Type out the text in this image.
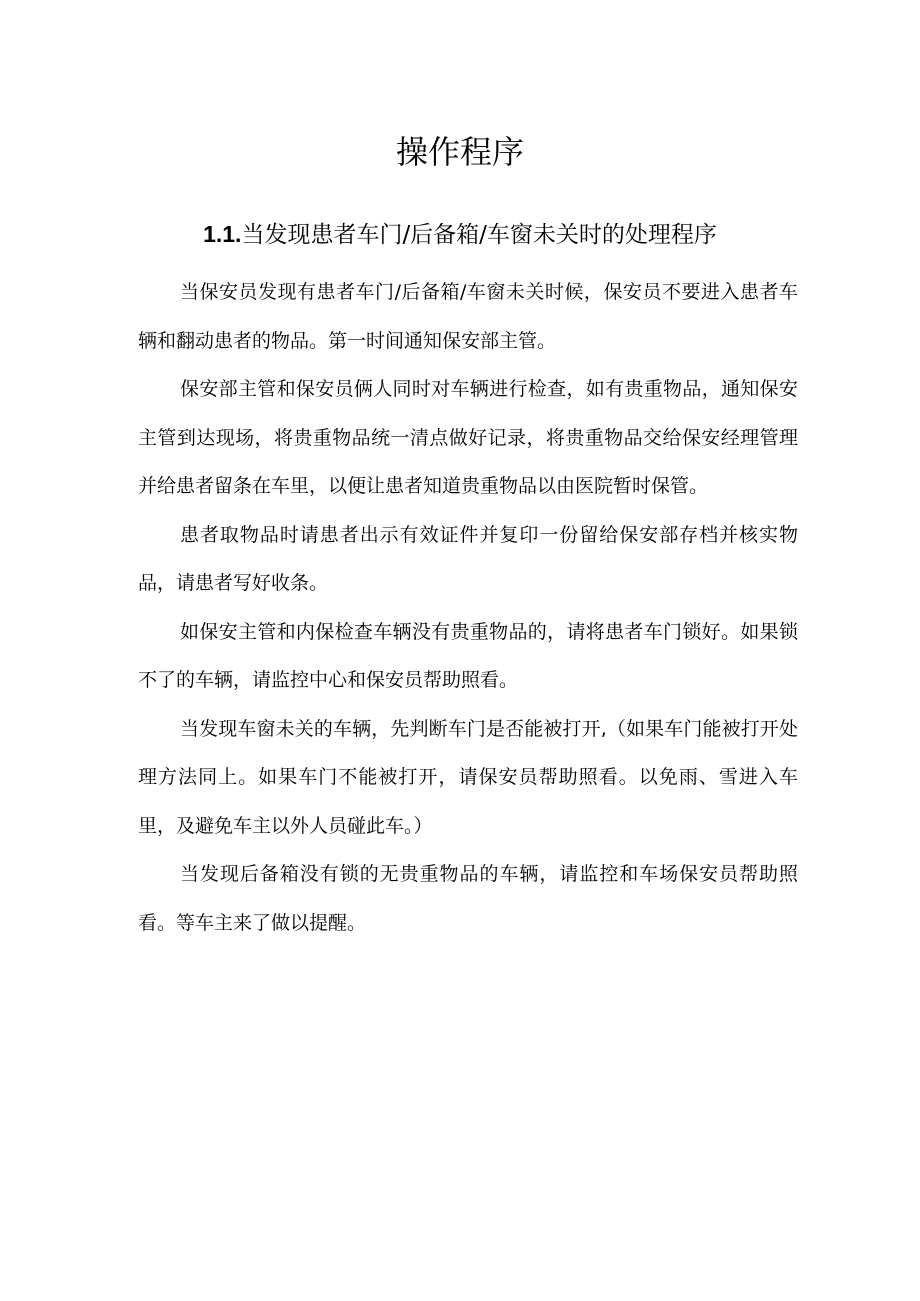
操作程序
1.1.当发现患者车门/后备箱/车窗未关时的处理程序

当保安员发现有患者车门/后备箱/车窗未关时候，保安员不要进入患者车辆和翻动患者的物品。第一时间通知保安部主管。

保安部主管和保安员俩人同时对车辆进行检查，如有贵重物品，通知保安主管到达现场，将贵重物品统一清点做好记录，将贵重物品交给保安经理管理并给患者留条在车里，以便让患者知道贵重物品以由医院暂时保管。

患者取物品时请患者出示有效证件并复印一份留给保安部存档并核实物品，请患者写好收条。

如保安主管和内保检查车辆没有贵重物品的，请将患者车门锁好。如果锁不了的车辆，请监控中心和保安员帮助照看。

当发现车窗未关的车辆，先判断车门是否能被打开,（如果车门能被打开处理方法同上。如果车门不能被打开，请保安员帮助照看。以免雨、雪进入车里，及避免车主以外人员碰此车。）

当发现后备箱没有锁的无贵重物品的车辆，请监控和车场保安员帮助照看。等车主来了做以提醒。
